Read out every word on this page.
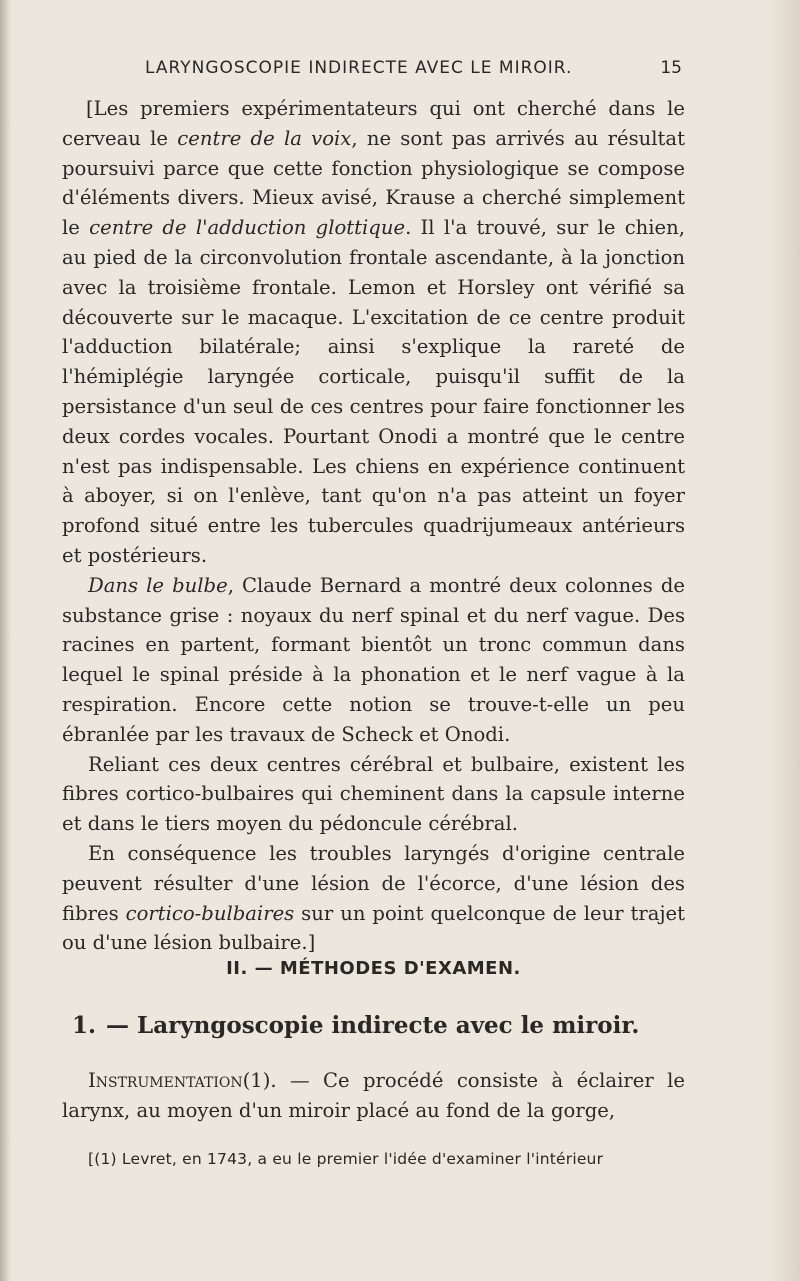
LARYNGOSCOPIE INDIRECTE AVEC LE MIROIR.	15

[Les premiers expérimentateurs qui ont cherché dans le cerveau le centre de la voix, ne sont pas arrivés au résultat poursuivi parce que cette fonction physiologique se compose d'éléments divers. Mieux avisé, Krause a cherché simplement le centre de l'adduction glottique. Il l'a trouvé, sur le chien, au pied de la circonvolution frontale ascendante, à la jonction avec la troisième frontale. Lemon et Horsley ont vérifié sa découverte sur le macaque. L'excitation de ce centre produit l'adduction bilatérale; ainsi s'explique la rareté de l'hémiplégie laryngée corticale, puisqu'il suffit de la persistance d'un seul de ces centres pour faire fonctionner les deux cordes vocales. Pourtant Onodi a montré que le centre n'est pas indispensable. Les chiens en expérience continuent à aboyer, si on l'enlève, tant qu'on n'a pas atteint un foyer profond situé entre les tubercules quadrijumeaux antérieurs et postérieurs.

Dans le bulbe, Claude Bernard a montré deux colonnes de substance grise : noyaux du nerf spinal et du nerf vague. Des racines en partent, formant bientôt un tronc commun dans lequel le spinal préside à la phonation et le nerf vague à la respiration. Encore cette notion se trouve-t-elle un peu ébranlée par les travaux de Scheck et Onodi.

Reliant ces deux centres cérébral et bulbaire, existent les fibres cortico-bulbaires qui cheminent dans la capsule interne et dans le tiers moyen du pédoncule cérébral.

En conséquence les troubles laryngés d'origine centrale peuvent résulter d'une lésion de l'écorce, d'une lésion des fibres cortico-bulbaires sur un point quelconque de leur trajet ou d'une lésion bulbaire.]

II. — MÉTHODES D'EXAMEN.
1. — Laryngoscopie indirecte avec le miroir.
Instrumentation(1). — Ce procédé consiste à éclairer le larynx, au moyen d'un miroir placé au fond de la gorge,
[(1) Levret, en 1743, a eu le premier l'idée d'examiner l'intérieur
